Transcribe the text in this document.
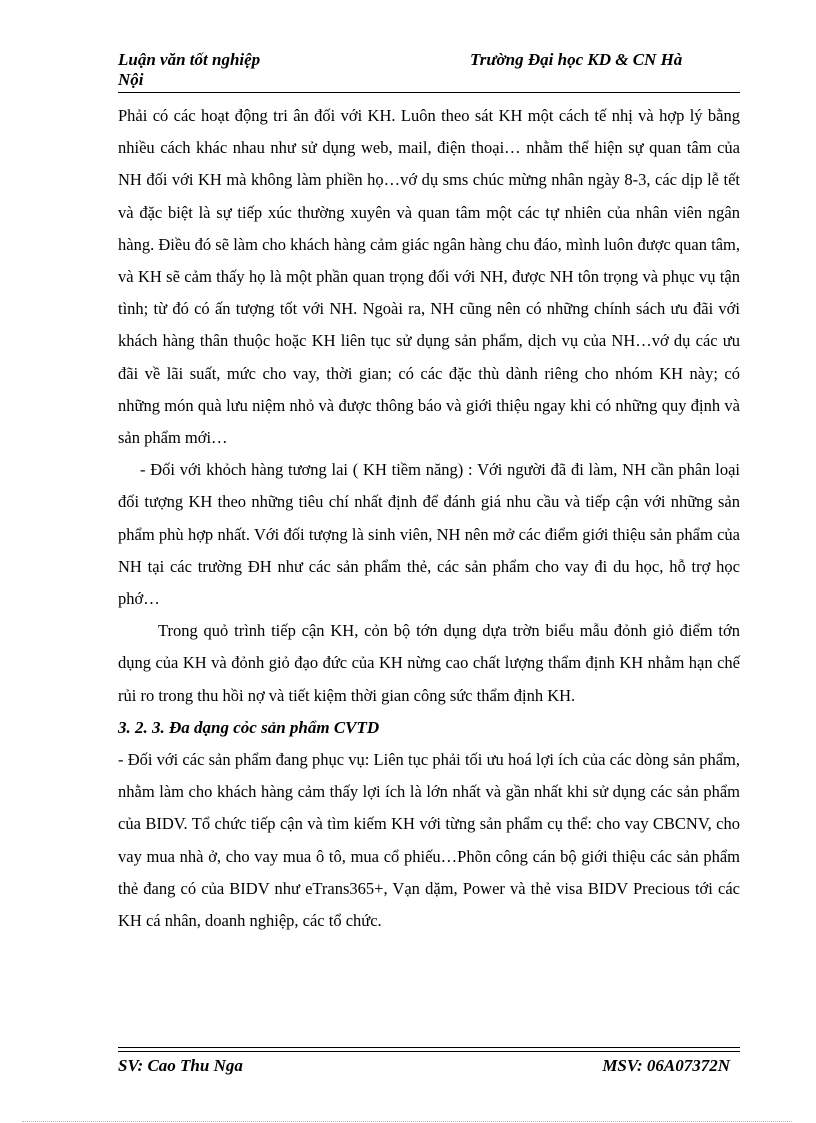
Luận văn tốt nghiệp
Nội
Trường Đại học KD & CN Hà

Phải có các hoạt động tri ân đối với KH. Luôn theo sát KH một cách tế nhị và hợp lý bằng nhiều cách khác nhau như sử dụng web, mail, điện thoại… nhằm thể hiện sự quan tâm của NH đối với KH mà không làm phiền họ…vớ dụ sms chúc mừng nhân ngày 8-3, các dịp lễ tết và đặc biệt là sự tiếp xúc thường xuyên và quan tâm một các tự nhiên của nhân viên ngân hàng. Điều đó sẽ làm cho khách hàng cảm giác ngân hàng chu đáo, mình luôn được quan tâm, và KH sẽ cảm thấy họ là một phần quan trọng đối với NH, được NH tôn trọng và phục vụ tận tình; từ đó có ấn tượng tốt với NH. Ngoài ra, NH cũng nên có những chính sách ưu đãi với khách hàng thân thuộc hoặc KH liên tục sử dụng sản phẩm, dịch vụ của NH…vớ dụ các ưu đãi về lãi suất, mức cho vay, thời gian; có các đặc thù dành riêng cho nhóm KH này; có những món quà lưu niệm nhỏ và được thông báo và giới thiệu ngay khi có những quy định và sản phẩm mới…

- Đối với khỏch hàng tương lai ( KH tiềm năng) : Với người đã đi làm, NH cần phân loại đối tượng KH theo những tiêu chí nhất định để đánh giá nhu cầu và tiếp cận với những sản phẩm phù hợp nhất. Với đối tượng là sinh viên, NH nên mở các điểm giới thiệu sản phẩm của NH tại các trường ĐH như các sản phẩm thẻ, các sản phẩm cho vay đi du học, hỗ trợ học phớ…

Trong quỏ trình tiếp cận KH, cỏn bộ tớn dụng dựa trờn biểu mẫu đỏnh giỏ điểm tớn dụng của KH và đỏnh giỏ đạo đức của KH nừng cao chất lượng thẩm định KH nhằm hạn chế rủi ro trong thu hồi nợ và tiết kiệm thời gian công sức thẩm định KH.

3. 2. 3. Đa dạng cỏc sản phẩm CVTD

- Đối với các sản phẩm đang phục vụ: Liên tục phải tối ưu hoá lợi ích của các dòng sản phẩm, nhằm làm cho khách hàng cảm thấy lợi ích là lớn nhất và gần nhất khi sử dụng các sản phẩm của BIDV. Tổ chức tiếp cận và tìm kiếm KH với từng sản phẩm cụ thể: cho vay CBCNV, cho vay mua nhà ở, cho vay mua ô tô, mua cổ phiếu…Phõn công cán bộ giới thiệu các sản phẩm thẻ đang có của BIDV như eTrans365+, Vạn dặm, Power và thẻ visa BIDV Precious tới các KH cá nhân, doanh nghiệp, các tổ chức.

SV: Cao Thu Nga	MSV: 06A07372N
